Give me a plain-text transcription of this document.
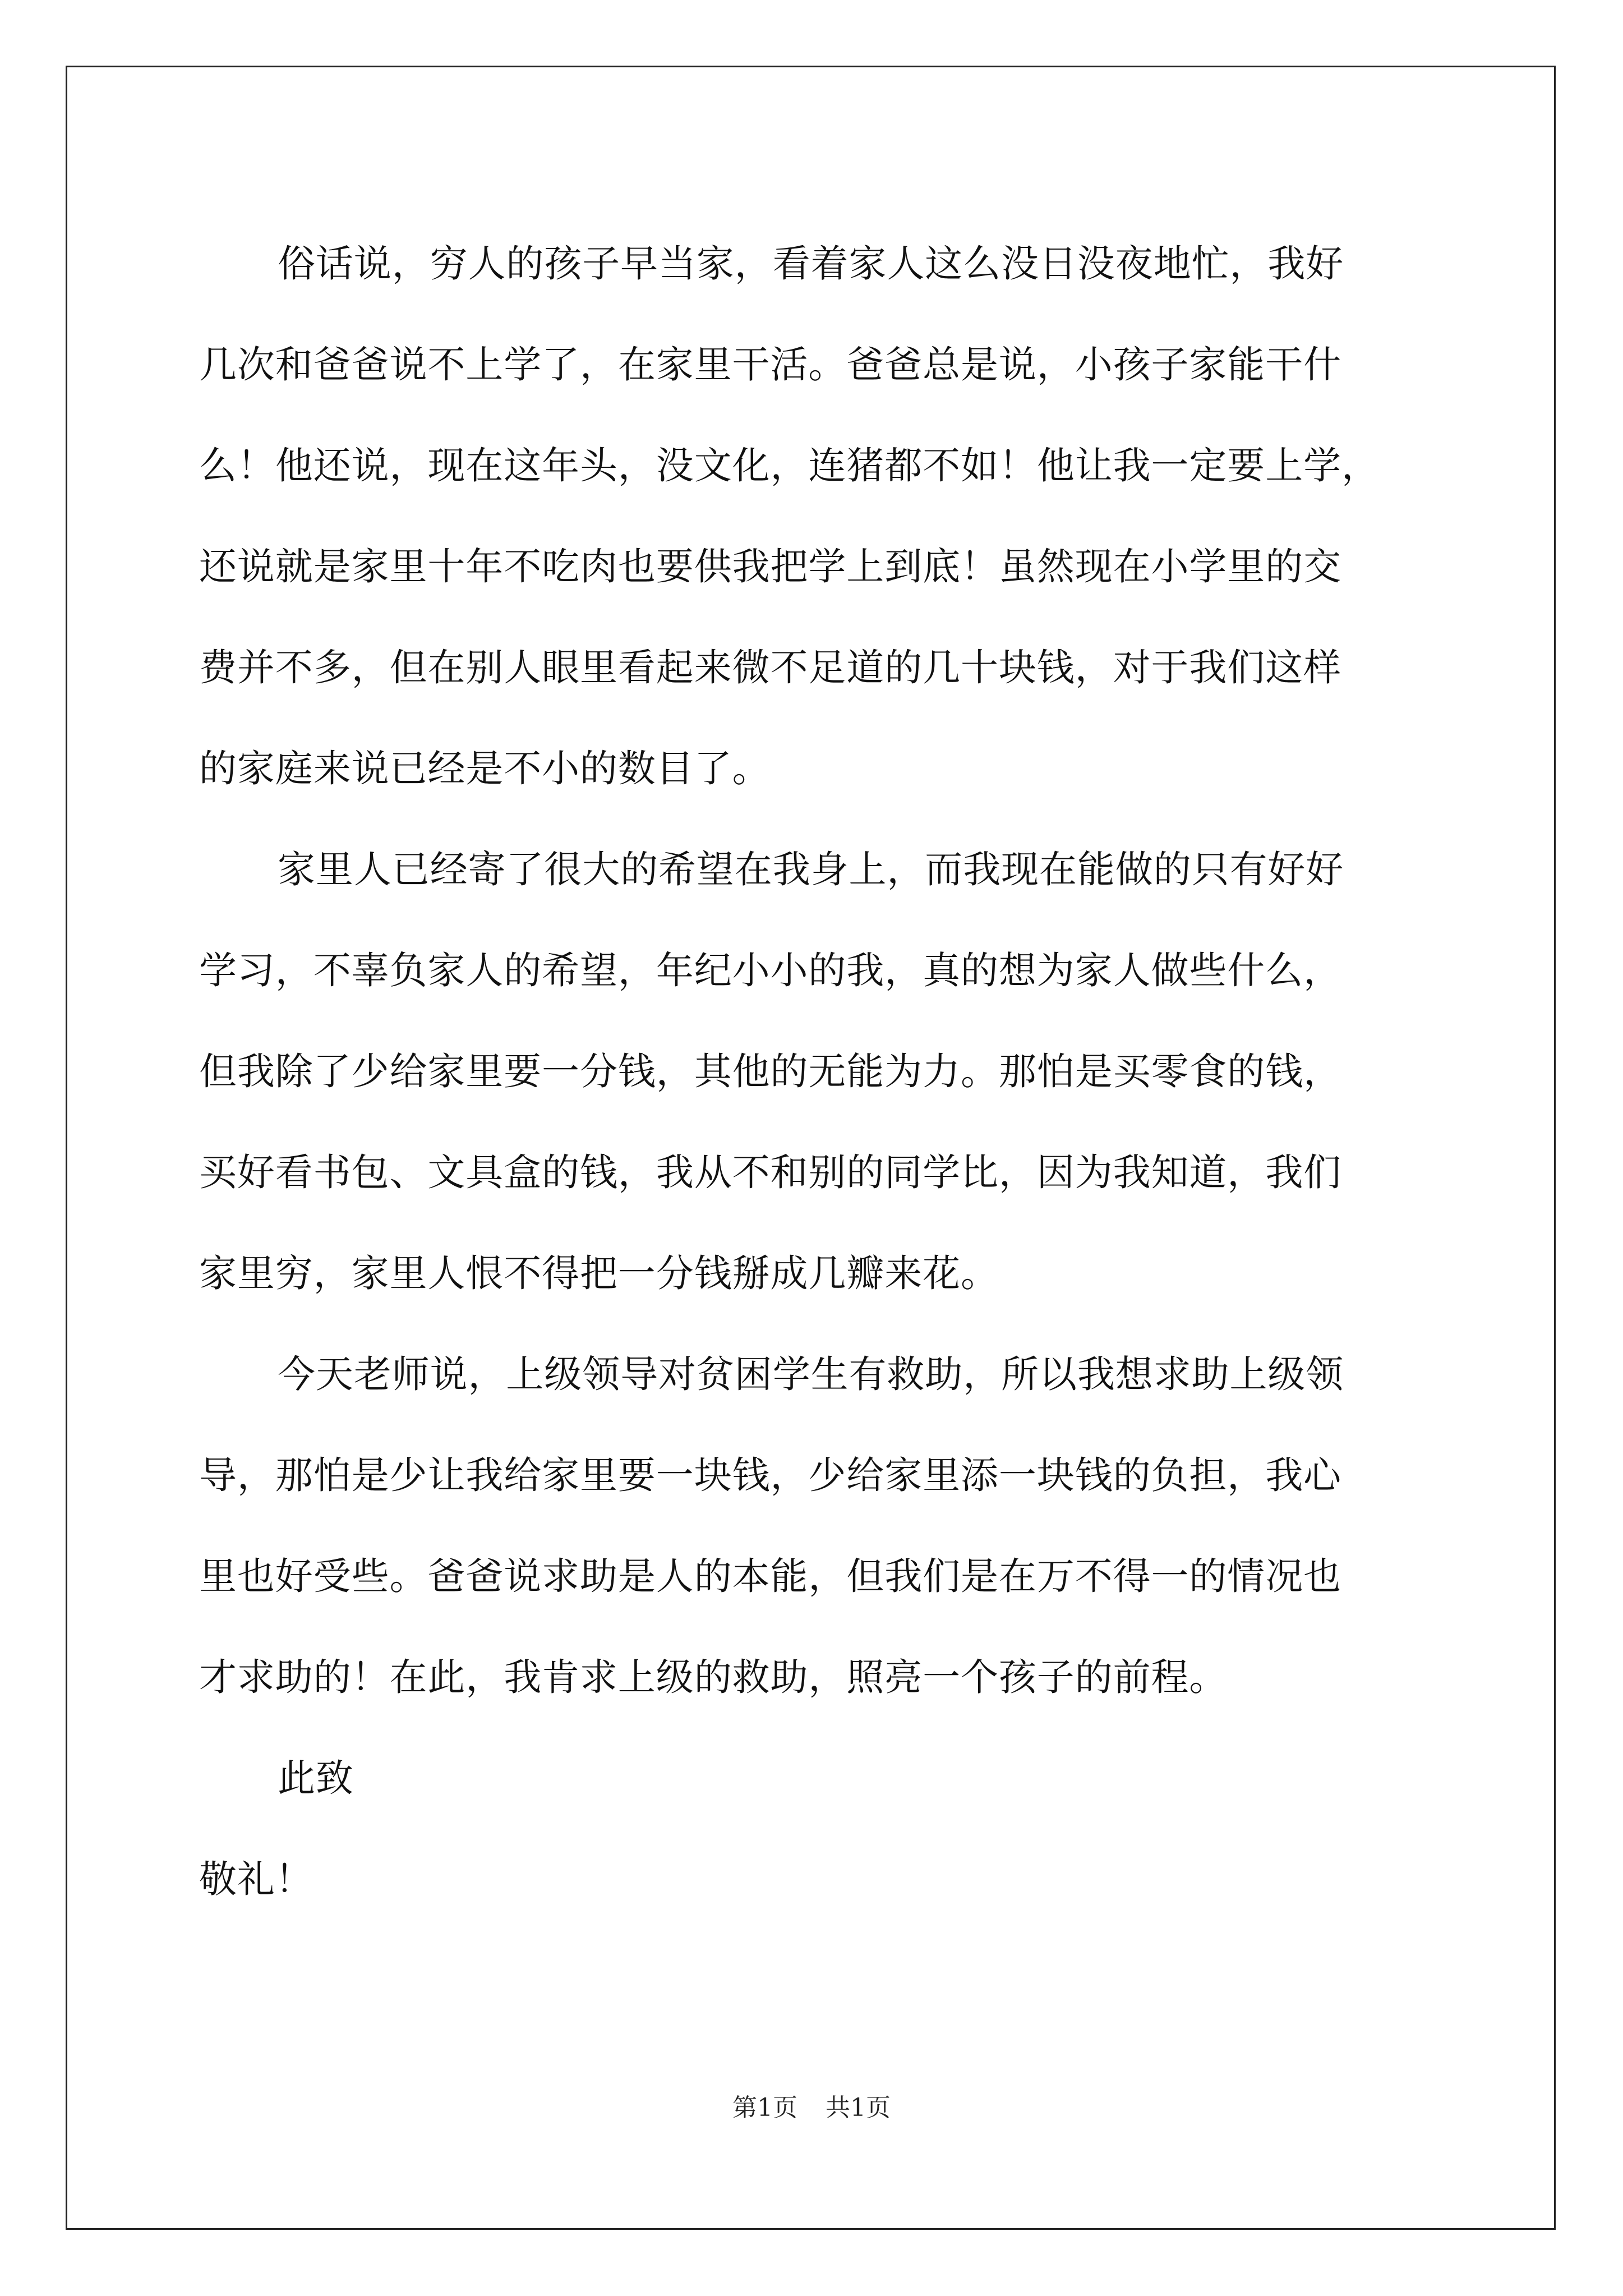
俗话说，穷人的孩子早当家，看着家人这么没日没夜地忙，我好
几次和爸爸说不上学了，在家里干活。爸爸总是说，小孩子家能干什
么！他还说，现在这年头，没文化，连猪都不如！他让我一定要上学，
还说就是家里十年不吃肉也要供我把学上到底！虽然现在小学里的交
费并不多，但在别人眼里看起来微不足道的几十块钱，对于我们这样
的家庭来说已经是不小的数目了。
家里人已经寄了很大的希望在我身上，而我现在能做的只有好好
学习，不辜负家人的希望，年纪小小的我，真的想为家人做些什么，
但我除了少给家里要一分钱，其他的无能为力。那怕是买零食的钱，
买好看书包、文具盒的钱，我从不和别的同学比，因为我知道，我们
家里穷，家里人恨不得把一分钱掰成几瓣来花。
今天老师说，上级领导对贫困学生有救助，所以我想求助上级领
导，那怕是少让我给家里要一块钱，少给家里添一块钱的负担，我心
里也好受些。爸爸说求助是人的本能，但我们是在万不得一的情况也
才求助的！在此，我肯求上级的救助，照亮一个孩子的前程。
此致
敬礼！
第1页 共1页
